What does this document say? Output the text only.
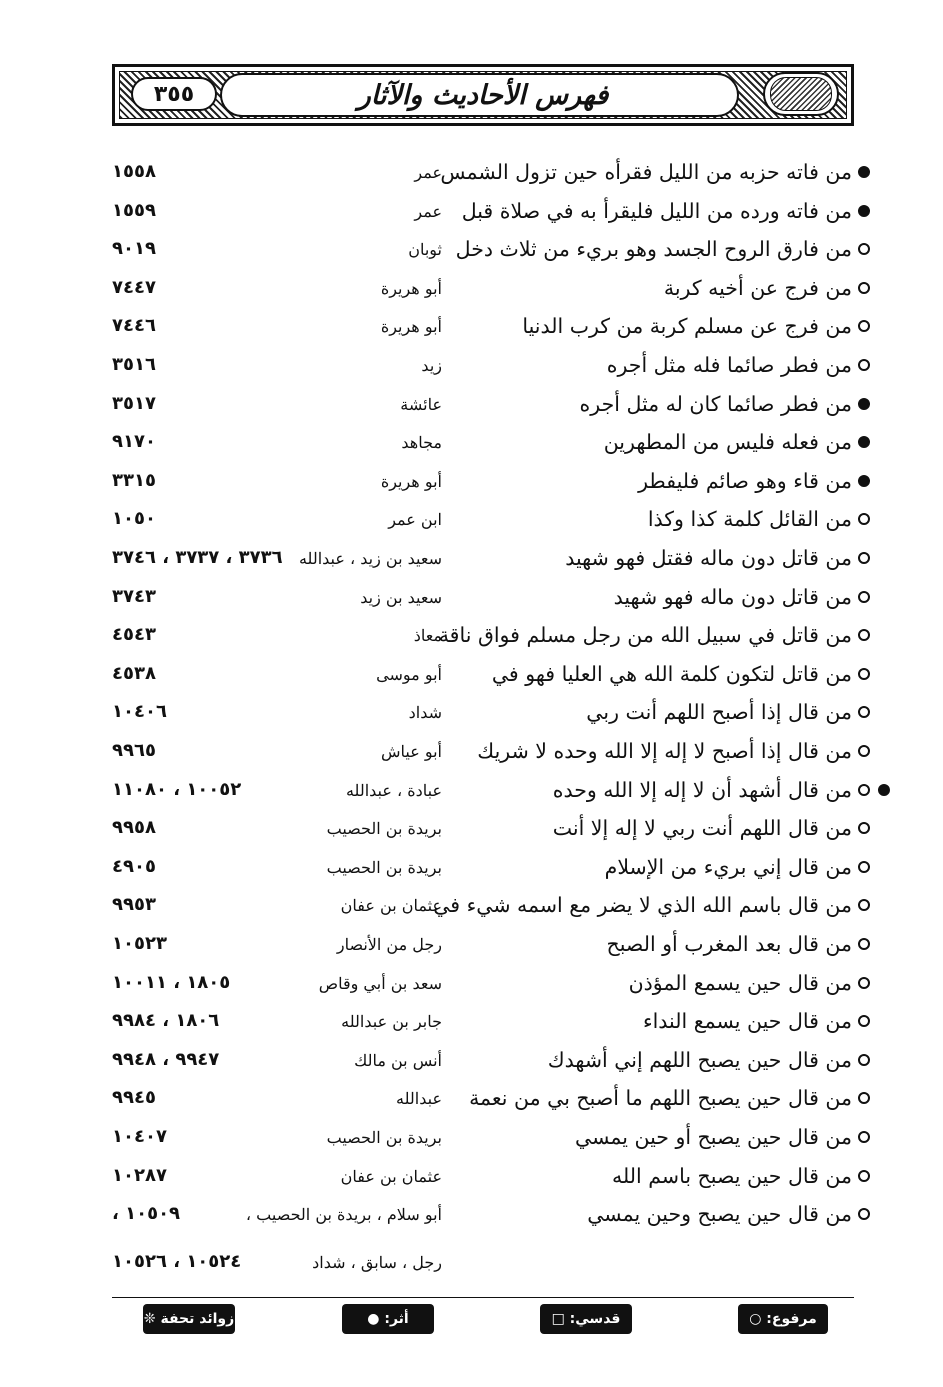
٣٥٥	فهرس الأحاديث والآثار
من فاته حزبه من الليل فقرأه حين تزول الشمس
عمر
١٥٥٨
من فاته ورده من الليل فليقرأ به في صلاة قبل
عمر
١٥٥٩
من فارق الروح الجسد وهو بريء من ثلاث دخل
ثوبان
٩٠١٩
من فرج عن أخيه كربة
أبو هريرة
٧٤٤٧
من فرج عن مسلم كربة من كرب الدنيا
أبو هريرة
٧٤٤٦
من فطر صائما فله مثل أجره
زيد
٣٥١٦
من فطر صائما كان له مثل أجره
عائشة
٣٥١٧
من فعله فليس من المطهرين
مجاهد
٩١٧٠
من قاء وهو صائم فليفطر
أبو هريرة
٣٣١٥
من القائل كلمة كذا وكذا
ابن عمر
١٠٥٠
من قاتل دون ماله فقتل فهو شهيد
سعيد بن زيد ، عبدالله
٣٧٣٦ ، ٣٧٣٧ ، ٣٧٤٦
من قاتل دون ماله فهو شهيد
سعيد بن زيد
٣٧٤٣
من قاتل في سبيل الله من رجل مسلم فواق ناقة
معاذ
٤٥٤٣
من قاتل لتكون كلمة الله هي العليا فهو في
أبو موسى
٤٥٣٨
من قال إذا أصبح اللهم أنت ربي
شداد
١٠٤٠٦
من قال إذا أصبح لا إله إلا الله وحده لا شريك
أبو عياش
٩٩٦٥
من قال أشهد أن لا إله إلا الله وحده
عبادة ، عبدالله
١٠٠٥٢ ، ١١٠٨٠
من قال اللهم أنت ربي لا إله إلا أنت
بريدة بن الحصيب
٩٩٥٨
من قال إني بريء من الإسلام
بريدة بن الحصيب
٤٩٠٥
من قال باسم الله الذي لا يضر مع اسمه شيء في
عثمان بن عفان
٩٩٥٣
من قال بعد المغرب أو الصبح
رجل من الأنصار
١٠٥٢٣
من قال حين يسمع المؤذن
سعد بن أبي وقاص
١٨٠٥ ، ١٠٠١١
من قال حين يسمع النداء
جابر بن عبدالله
١٨٠٦ ، ٩٩٨٤
من قال حين يصبح اللهم إني أشهدك
أنس بن مالك
٩٩٤٧ ، ٩٩٤٨
من قال حين يصبح اللهم ما أصبح بي من نعمة
عبدالله
٩٩٤٥
من قال حين يصبح أو حين يمسي
بريدة بن الحصيب
١٠٤٠٧
من قال حين يصبح باسم الله
عثمان بن عفان
١٠٢٨٧
من قال حين يصبح وحين يمسي
أبو سلام ، بريدة بن الحصيب ،
١٠٥٠٩ ،
رجل ، سابق ، شداد
١٠٥٢٤ ، ١٠٥٢٦
مرفوع: ○
قدسي: □
أثر: ●
زوائد تحفة ❊
